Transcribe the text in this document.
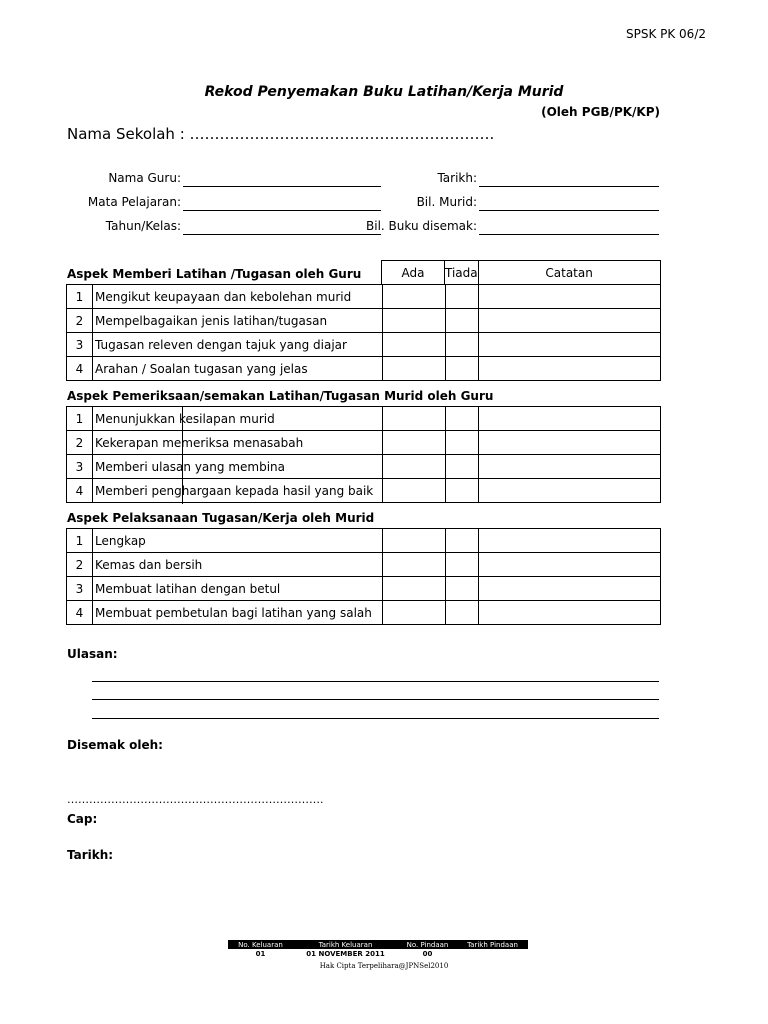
SPSK PK 06/2
Rekod Penyemakan Buku Latihan/Kerja Murid
(Oleh PGB/PK/KP)
Nama Sekolah : …………………………………………………….
Nama Guru:
Mata Pelajaran:
Tahun/Kelas:
Tarikh:
Bil. Murid:
Bil. Buku disemak:
Ada	Tiada	Catatan
Aspek Memberi Latihan /Tugasan oleh Guru
1	Mengikut keupayaan dan kebolehan murid			
2	Mempelbagaikan jenis latihan/tugasan			
3	Tugasan releven dengan tajuk yang diajar			
4	Arahan / Soalan tugasan yang jelas			
Aspek Pemeriksaan/semakan Latihan/Tugasan Murid oleh Guru
1	Menunjukkan kesilapan murid			
2	Kekerapan memeriksa menasabah			
3	Memberi ulasan yang membina			
4	Memberi penghargaan kepada hasil yang baik			
Aspek Pelaksanaan Tugasan/Kerja oleh Murid
1	Lengkap			
2	Kemas dan bersih			
3	Membuat latihan dengan betul			
4	Membuat pembetulan bagi latihan yang salah			
Ulasan:
Disemak oleh:
…………………………………………………………….
Cap:
Tarikh:
No. Keluaran	Tarikh Keluaran	No. Pindaan	Tarikh Pindaan
01	01 NOVEMBER 2011	00	
Hak Cipta Terpelihara@JPNSel2010
